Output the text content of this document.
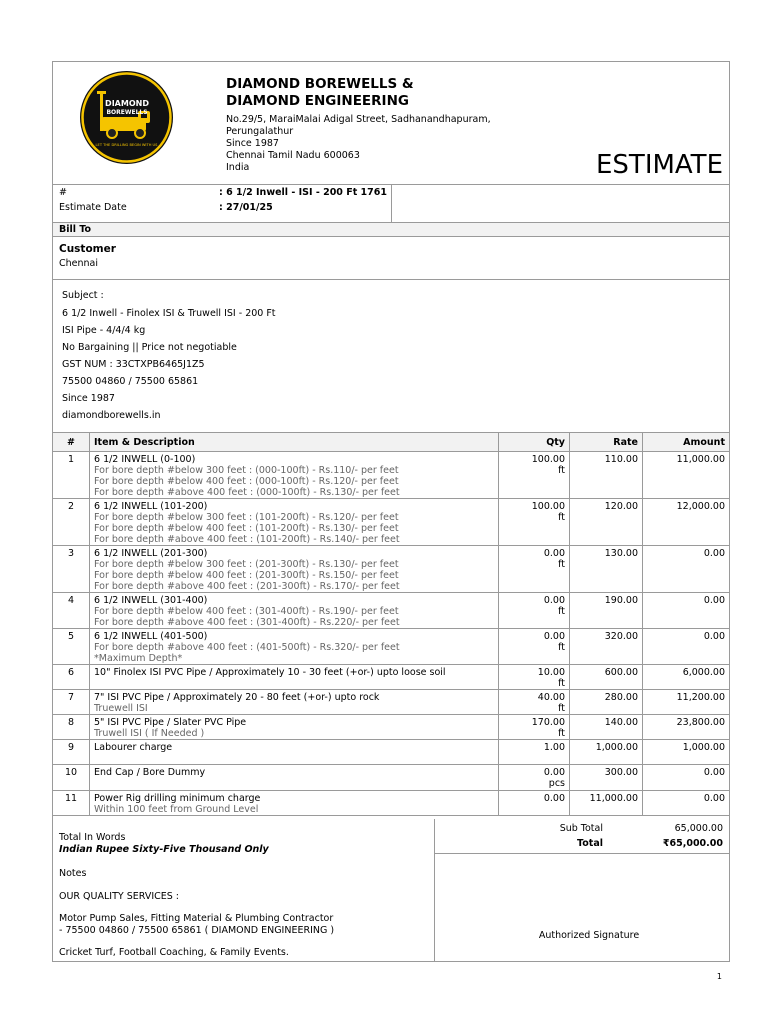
DIAMOND
BOREWELLS
LET THE DRILLING BEGIN WITH US
DIAMOND BOREWELLS &
DIAMOND ENGINEERING
No.29/5, MaraiMalai Adigal Street, Sadhanandhapuram,
Perungalathur
Since 1987
Chennai Tamil Nadu 600063
India	ESTIMATE
#	: 6 1/2 Inwell - ISI - 200 Ft 1761
Estimate Date	: 27/01/25
Bill To
Customer
Chennai
Subject :
6 1/2 Inwell - Finolex ISI & Truwell ISI - 200 Ft
ISI Pipe - 4/4/4 kg
No Bargaining || Price not negotiable
GST NUM : 33CTXPB6465J1Z5
75500 04860 / 75500 65861
Since 1987
diamondborewells.in
#	Item & Description	Qty	Rate	Amount
1	6 1/2 INWELL (0-100)
For bore depth #below 300 feet : (000-100ft) - Rs.110/- per feet
For bore depth #below 400 feet : (000-100ft) - Rs.120/- per feet
For bore depth #above 400 feet : (000-100ft) - Rs.130/- per feet	100.00
ft	110.00	11,000.00
2	6 1/2 INWELL (101-200)
For bore depth #below 300 feet : (101-200ft) - Rs.120/- per feet
For bore depth #below 400 feet : (101-200ft) - Rs.130/- per feet
For bore depth #above 400 feet : (101-200ft) - Rs.140/- per feet	100.00
ft	120.00	12,000.00
3	6 1/2 INWELL (201-300)
For bore depth #below 300 feet : (201-300ft) - Rs.130/- per feet
For bore depth #below 400 feet : (201-300ft) - Rs.150/- per feet
For bore depth #above 400 feet : (201-300ft) - Rs.170/- per feet	0.00
ft	130.00	0.00
4	6 1/2 INWELL (301-400)
For bore depth #below 400 feet : (301-400ft) - Rs.190/- per feet
For bore depth #above 400 feet : (301-400ft) - Rs.220/- per feet	0.00
ft	190.00	0.00
5	6 1/2 INWELL (401-500)
For bore depth #above 400 feet : (401-500ft) - Rs.320/- per feet
*Maximum Depth*	0.00
ft	320.00	0.00
6	10" Finolex ISI PVC Pipe / Approximately 10 - 30 feet (+or-) upto loose soil	10.00
ft	600.00	6,000.00
7	7" ISI PVC Pipe / Approximately 20 - 80 feet (+or-) upto rock
Truewell ISI	40.00
ft	280.00	11,200.00
8	5" ISI PVC Pipe / Slater PVC Pipe
Truwell ISI ( If Needed )	170.00
ft	140.00	23,800.00
9	Labourer charge	1.00	1,000.00	1,000.00
10	End Cap / Bore Dummy	0.00
pcs	300.00	0.00
11	Power Rig drilling minimum charge
Within 100 feet from Ground Level	0.00	11,000.00	0.00
Total In Words
Indian Rupee Sixty-Five Thousand Only
Sub Total	65,000.00
Total	₹65,000.00
Notes
OUR QUALITY SERVICES :
Motor Pump Sales, Fitting Material & Plumbing Contractor
- 75500 04860 / 75500 65861 ( DIAMOND ENGINEERING )
Cricket Turf, Football Coaching, & Family Events.
Authorized Signature
1
